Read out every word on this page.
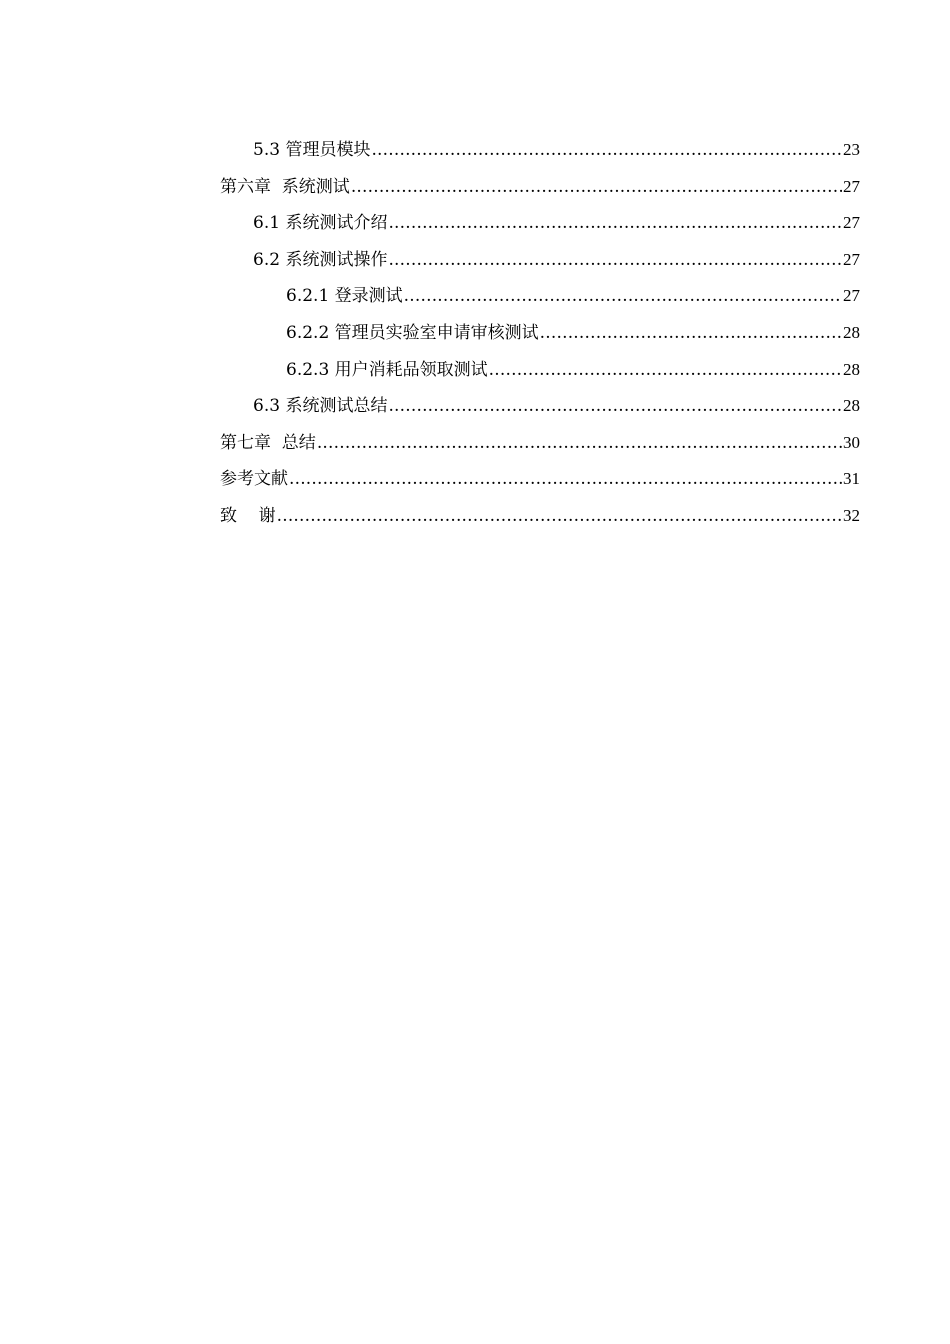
5.3 管理员模块 .....	23
第六章  系统测试 .....	27
6.1 系统测试介绍 .....	27
6.2 系统测试操作 .....	27
6.2.1 登录测试 .....	27
6.2.2 管理员实验室申请审核测试 .....	28
6.2.3 用户消耗品领取测试 .....	28
6.3 系统测试总结 .....	28
第七章  总结 .....	30
参考文献 .....	31
致    谢 .....	32
